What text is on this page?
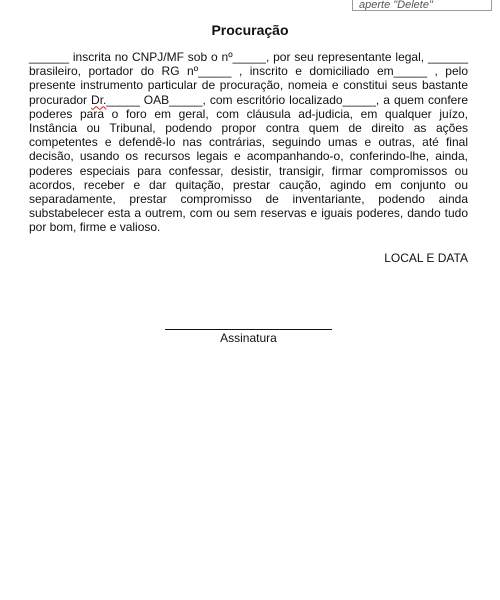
aperte "Delete"
Procuração

______ inscrita no CNPJ/MF sob o nº_____, por seu representante legal, ______ brasileiro, portador do RG nº_____ , inscrito e domiciliado em_____ , pelo presente instrumento particular de procuração, nomeia e constitui seus bastante procurador Dr._____ OAB_____, com escritório localizado_____, a quem confere poderes para o foro em geral, com cláusula ad-judicia, em qualquer juízo, Instância ou Tribunal, podendo propor contra quem de direito as ações competentes e defendê-lo nas contrárias, seguindo umas e outras, até final decisão, usando os recursos legais e acompanhando-o, conferindo-lhe, ainda, poderes especiais para confessar, desistir, transigir, firmar compromissos ou acordos, receber e dar quitação, prestar caução, agindo em conjunto ou separadamente, prestar compromisso de inventariante, podendo ainda substabelecer esta a outrem, com ou sem reservas e iguais poderes, dando tudo por bom, firme e valioso.

LOCAL E DATA
Assinatura
